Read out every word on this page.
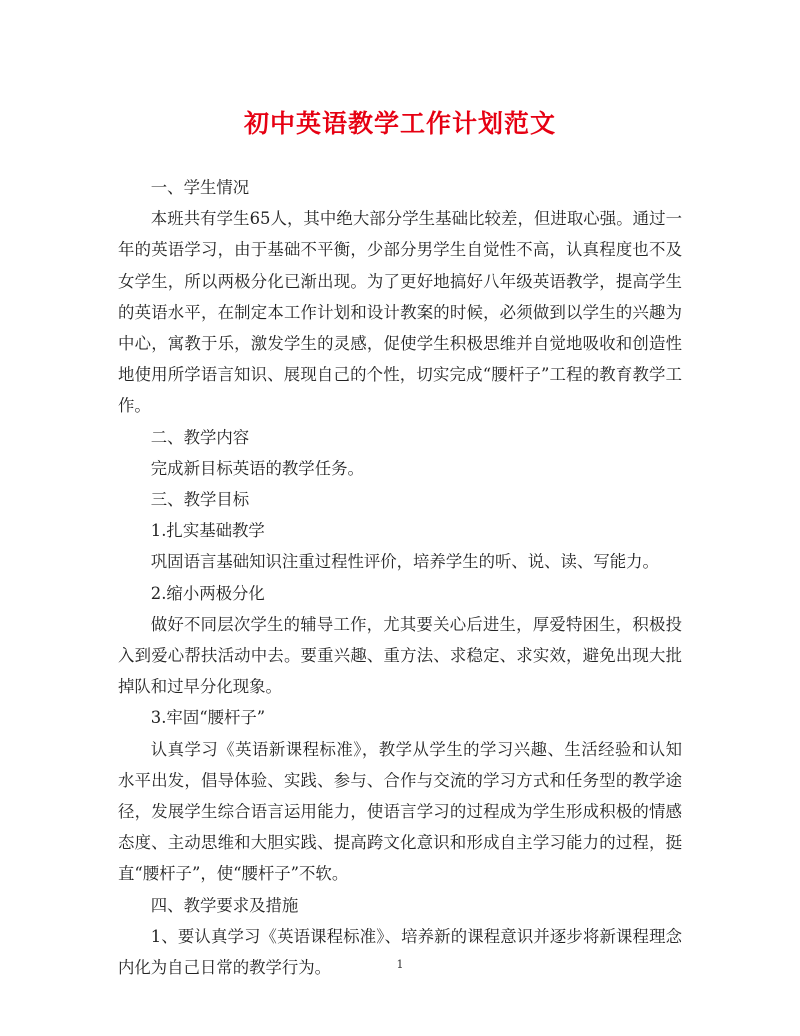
初中英语教学工作计划范文

一、学生情况

本班共有学生65人，其中绝大部分学生基础比较差，但进取心强。通过一年的英语学习，由于基础不平衡，少部分男学生自觉性不高，认真程度也不及女学生，所以两极分化已渐出现。为了更好地搞好八年级英语教学，提高学生的英语水平，在制定本工作计划和设计教案的时候，必须做到以学生的兴趣为中心，寓教于乐，激发学生的灵感，促使学生积极思维并自觉地吸收和创造性地使用所学语言知识、展现自己的个性，切实完成“腰杆子”工程的教育教学工作。

二、教学内容

完成新目标英语的教学任务。

三、教学目标

1.扎实基础教学

巩固语言基础知识注重过程性评价，培养学生的听、说、读、写能力。

2.缩小两极分化

做好不同层次学生的辅导工作，尤其要关心后进生，厚爱特困生，积极投入到爱心帮扶活动中去。要重兴趣、重方法、求稳定、求实效，避免出现大批掉队和过早分化现象。

3.牢固“腰杆子”

认真学习《英语新课程标准》，教学从学生的学习兴趣、生活经验和认知水平出发，倡导体验、实践、参与、合作与交流的学习方式和任务型的教学途径，发展学生综合语言运用能力，使语言学习的过程成为学生形成积极的情感态度、主动思维和大胆实践、提高跨文化意识和形成自主学习能力的过程，挺直“腰杆子”，使“腰杆子”不软。

四、教学要求及措施

1、要认真学习《英语课程标准》、培养新的课程意识并逐步将新课程理念内化为自己日常的教学行为。	1
